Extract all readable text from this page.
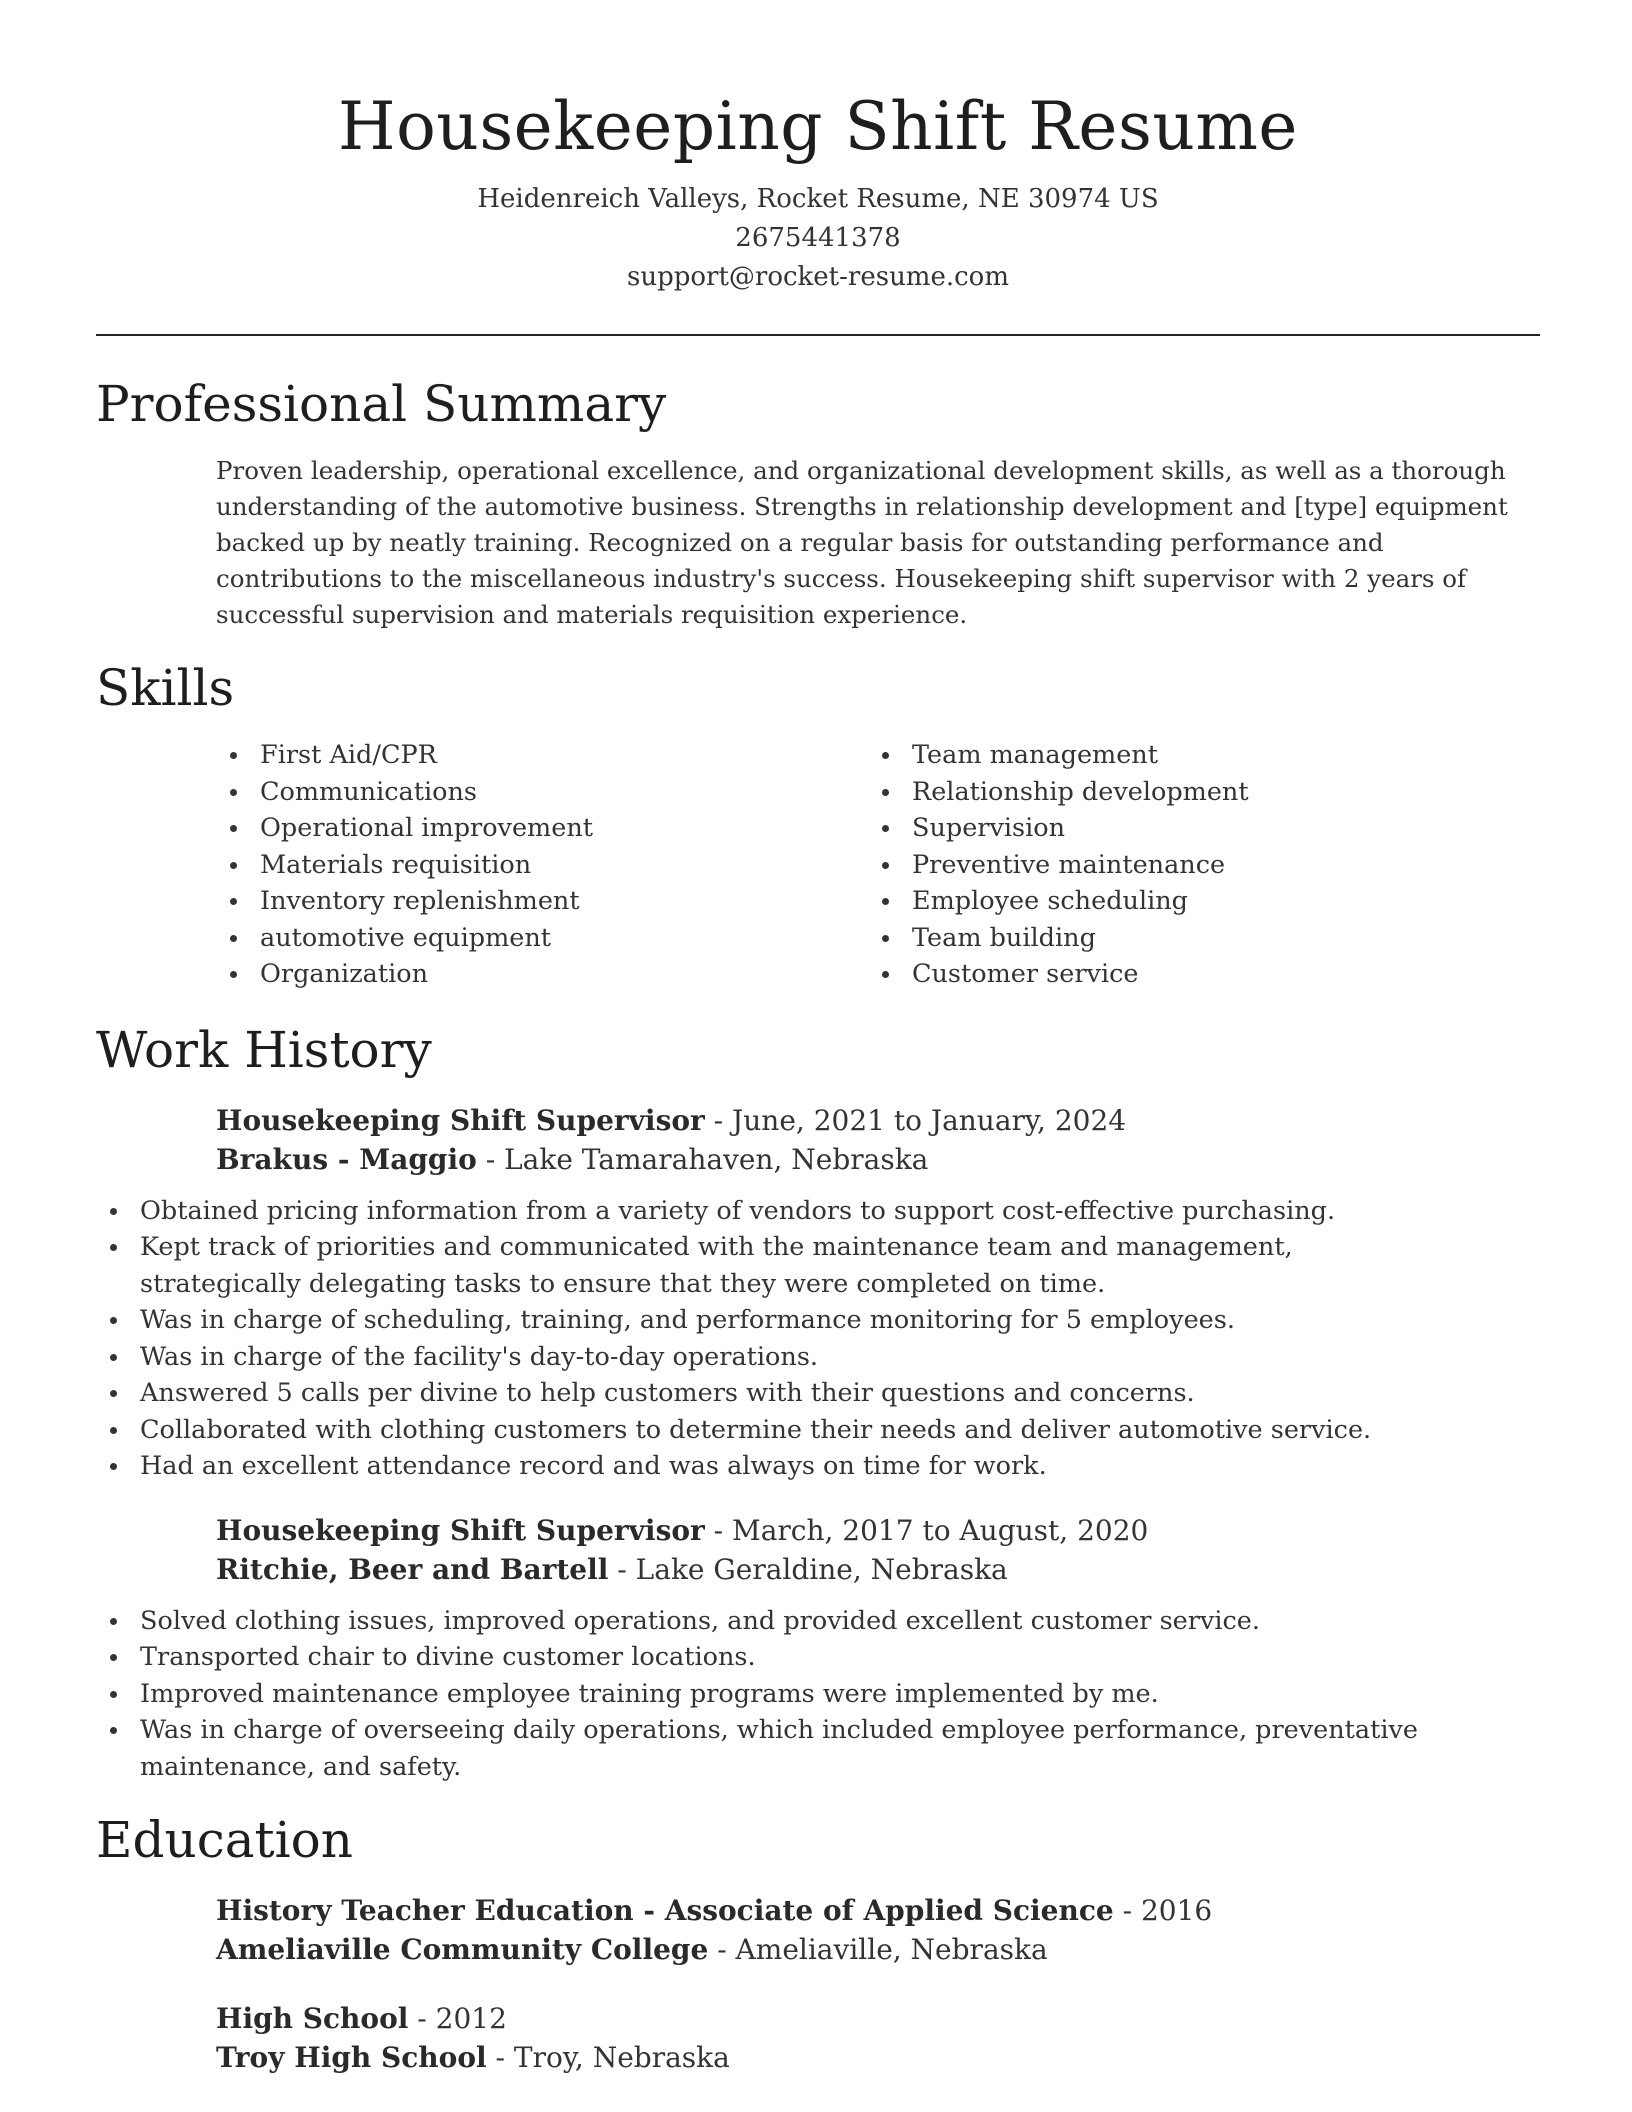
Housekeeping Shift Resume
Heidenreich Valleys, Rocket Resume, NE 30974 US
2675441378
support@rocket-resume.com
Professional Summary

Proven leadership, operational excellence, and organizational development skills, as well as a thorough understanding of the automotive business. Strengths in relationship development and [type] equipment backed up by neatly training. Recognized on a regular basis for outstanding performance and contributions to the miscellaneous industry's success. Housekeeping shift supervisor with 2 years of successful supervision and materials requisition experience.

Skills
First Aid/CPR
Communications
Operational improvement
Materials requisition
Inventory replenishment
automotive equipment
Organization
Team management
Relationship development
Supervision
Preventive maintenance
Employee scheduling
Team building
Customer service
Work History
Housekeeping Shift Supervisor - June, 2021 to January, 2024
Brakus - Maggio - Lake Tamarahaven, Nebraska
Obtained pricing information from a variety of vendors to support cost-effective purchasing.
Kept track of priorities and communicated with the maintenance team and management, strategically delegating tasks to ensure that they were completed on time.
Was in charge of scheduling, training, and performance monitoring for 5 employees.
Was in charge of the facility's day-to-day operations.
Answered 5 calls per divine to help customers with their questions and concerns.
Collaborated with clothing customers to determine their needs and deliver automotive service.
Had an excellent attendance record and was always on time for work.
Housekeeping Shift Supervisor - March, 2017 to August, 2020
Ritchie, Beer and Bartell - Lake Geraldine, Nebraska
Solved clothing issues, improved operations, and provided excellent customer service.
Transported chair to divine customer locations.
Improved maintenance employee training programs were implemented by me.
Was in charge of overseeing daily operations, which included employee performance, preventative maintenance, and safety.
Education
History Teacher Education - Associate of Applied Science - 2016
Ameliaville Community College - Ameliaville, Nebraska
High School - 2012
Troy High School - Troy, Nebraska
